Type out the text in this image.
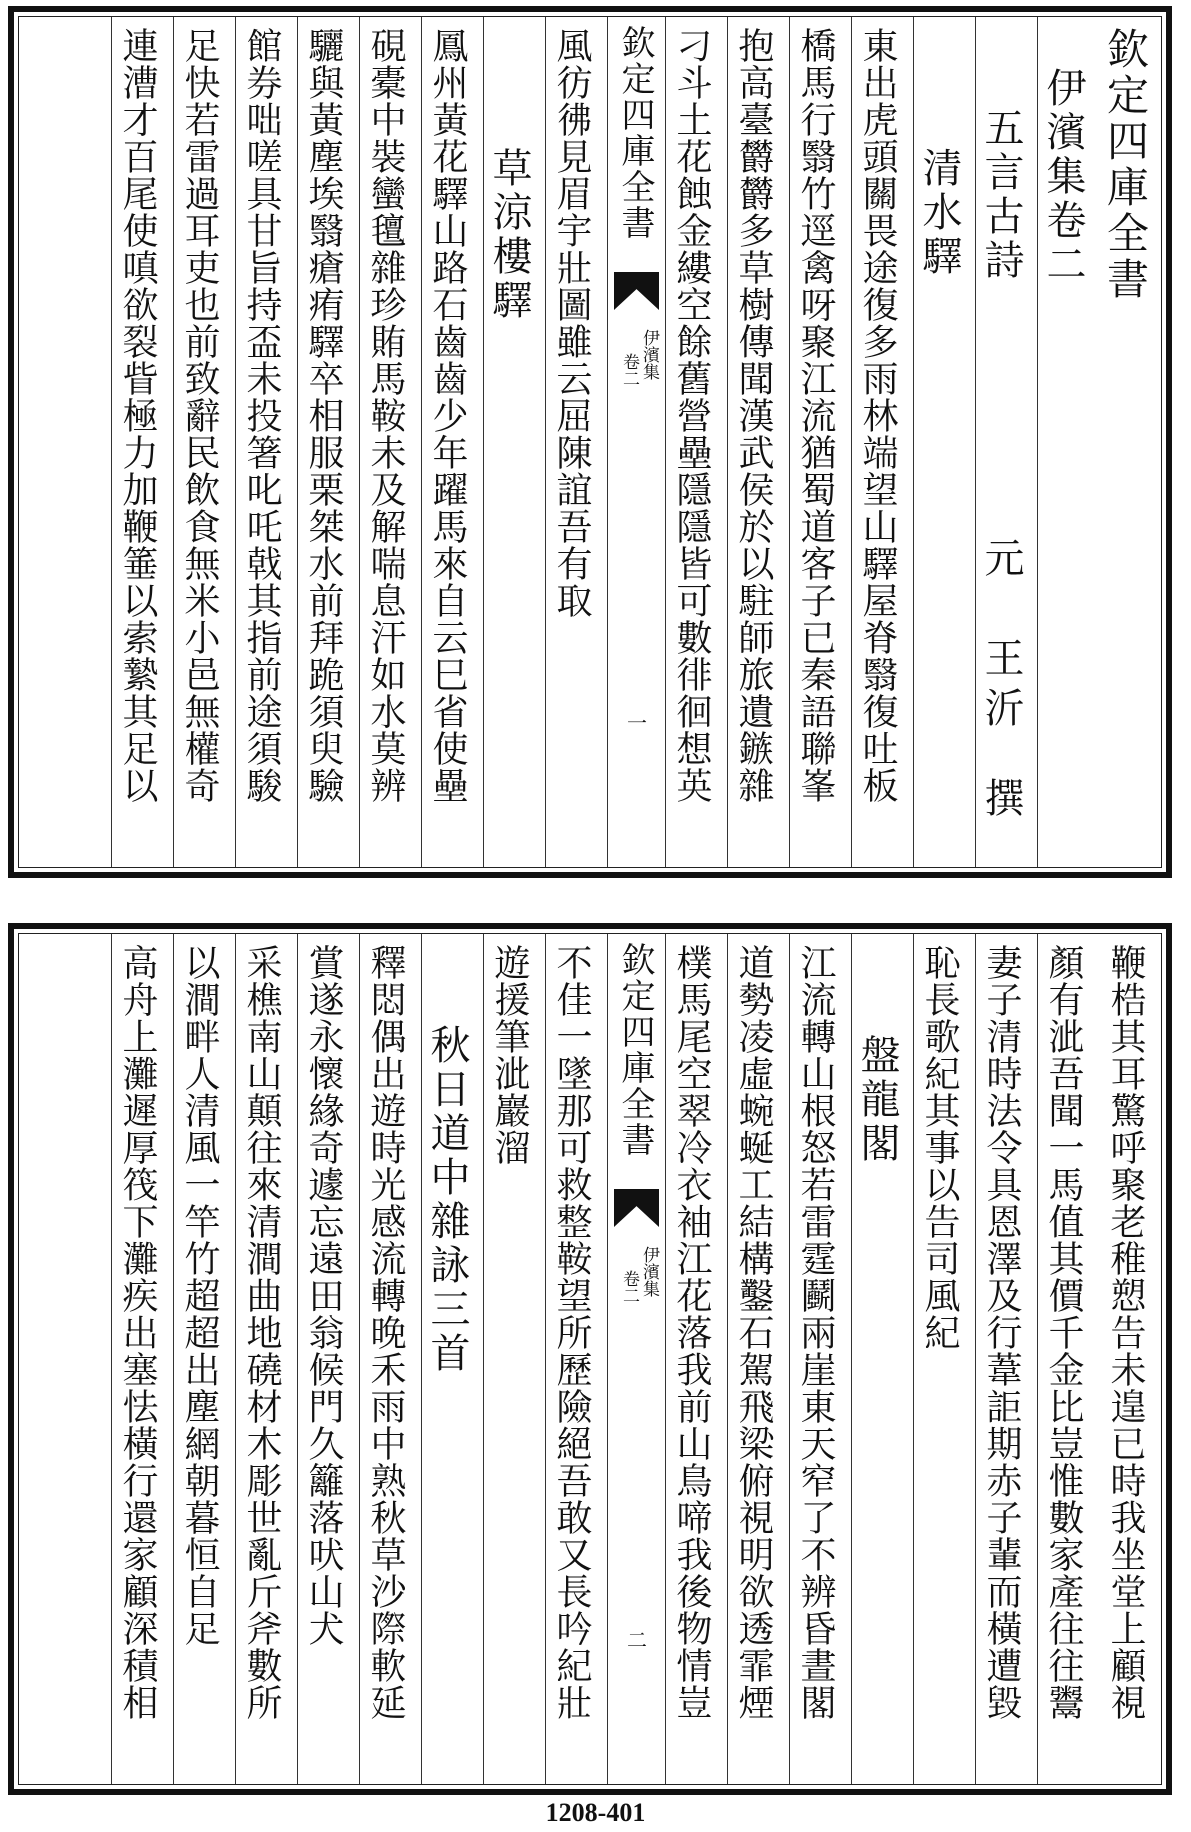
欽定四庫全書
伊濱集卷二
五言古詩
元
王沂
撰
清水驛
東出虎頭關畏途復多雨林端望山驛屋脊翳復吐板
橋馬行翳竹逕禽呀聚江流猶蜀道客子已秦語聯峯
抱高臺欝欝多草樹傳聞漢武侯於以駐師旅遺鏃雜
刁斗土花蝕金縷空餘舊營壘隱隱皆可數徘徊想英
欽定四庫全書
伊濱集
卷二
一
風彷彿見眉宇壯圖雖云屈陳誼吾有取
草涼樓驛
鳳州黃花驛山路石齒齒少年躍馬來自云巳省使壘
硯橐中裝蠻氊雜珍賄馬鞍未及解喘息汗如水莫辨
驪與黃塵埃翳瘡痏驛卒相服栗桀水前拜跪須臾驗
館券咄嗟具甘旨持盃未投箸叱吒戟其指前途須駿
足快若雷過耳吏也前致辭民飲食無米小邑無權奇
連漕才百尾使嗔欲裂眥極力加鞭箠以索縶其足以
鞭梏其耳驚呼聚老稚愬告未遑已時我坐堂上顧視
顏有泚吾聞一馬值其價千金比豈惟數家產往往鬻
妻子清時法令具恩澤及行葦詎期赤子輩而橫遭毀
恥長歌紀其事以告司風紀
盤龍閣
江流轉山根怒若雷霆鬬兩崖東天窄了不辨昏晝閣
道勢凌虛蜿蜒工結構鑿石駕飛梁俯視明欲透霏煙
樸馬尾空翠冷衣袖江花落我前山鳥啼我後物情豈
欽定四庫全書
伊濱集
卷二
二
不佳一墜那可救整鞍望所歷險絕吾敢又長吟紀壯
遊援筆泚巖溜
秋日道中雜詠三首
釋悶偶出遊時光感流轉晚禾雨中熟秋草沙際軟延
賞遂永懷緣奇遽忘遠田翁候門久籬落吠山犬
采樵南山顛往來清澗曲地磽材木彫世亂斤斧數所
以澗畔人清風一竿竹超超出塵網朝暮恒自足
高舟上灘遲厚筏下灘疾出塞怯橫行還家顧深積相
1208-401
